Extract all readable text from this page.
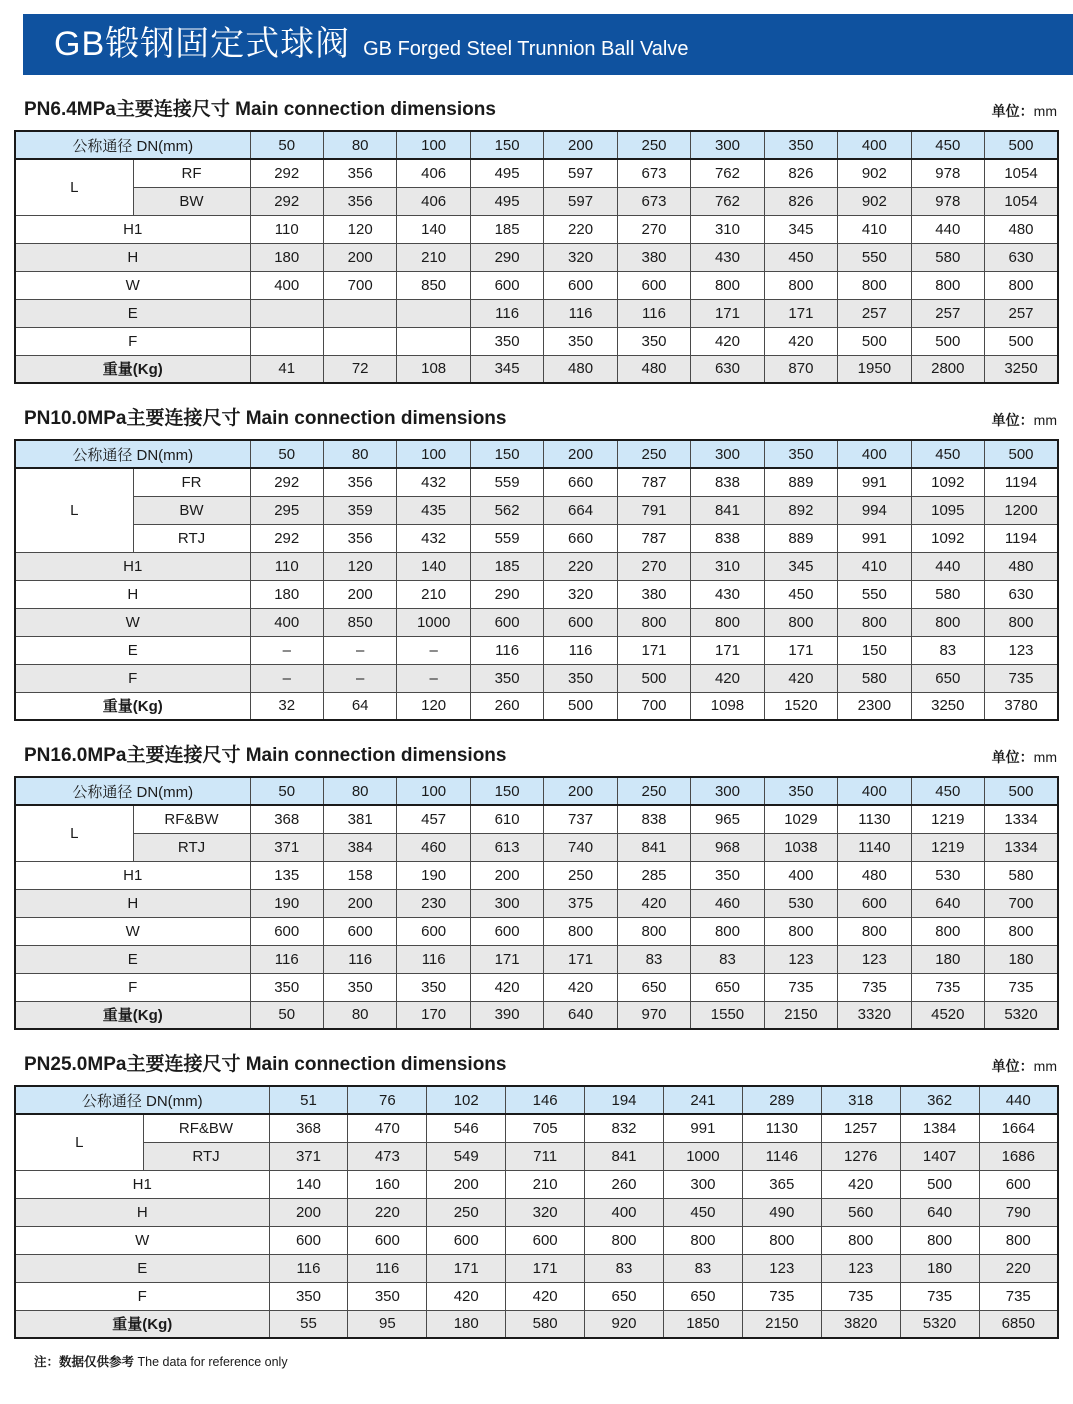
GB锻钢固定式球阀 GB Forged Steel Trunnion Ball Valve
PN6.4MPa主要连接尺寸 Main connection dimensions	单位：mm
公称通径 DN(mm)		50	80	100	150	200	250	300	350	400	450	500
L	RF	292	356	406	495	597	673	762	826	902	978	1054
	BW	292	356	406	495	597	673	762	826	902	978	1054
H1		110	120	140	185	220	270	310	345	410	440	480
H		180	200	210	290	320	380	430	450	550	580	630
W		400	700	850	600	600	600	800	800	800	800	800
E					116	116	116	171	171	257	257	257
F					350	350	350	420	420	500	500	500
重量(Kg)		41	72	108	345	480	480	630	870	1950	2800	3250
PN10.0MPa主要连接尺寸 Main connection dimensions	单位：mm
公称通径 DN(mm)		50	80	100	150	200	250	300	350	400	450	500
L	FR	292	356	432	559	660	787	838	889	991	1092	1194
	BW	295	359	435	562	664	791	841	892	994	1095	1200
	RTJ	292	356	432	559	660	787	838	889	991	1092	1194
H1		110	120	140	185	220	270	310	345	410	440	480
H		180	200	210	290	320	380	430	450	550	580	630
W		400	850	1000	600	600	800	800	800	800	800	800
E		–	–	–	116	116	171	171	171	150	83	123
F		–	–	–	350	350	500	420	420	580	650	735
重量(Kg)		32	64	120	260	500	700	1098	1520	2300	3250	3780
PN16.0MPa主要连接尺寸 Main connection dimensions	单位：mm
公称通径 DN(mm)		50	80	100	150	200	250	300	350	400	450	500
L	RF&BW	368	381	457	610	737	838	965	1029	1130	1219	1334
	RTJ	371	384	460	613	740	841	968	1038	1140	1219	1334
H1		135	158	190	200	250	285	350	400	480	530	580
H		190	200	230	300	375	420	460	530	600	640	700
W		600	600	600	600	800	800	800	800	800	800	800
E		116	116	116	171	171	83	83	123	123	180	180
F		350	350	350	420	420	650	650	735	735	735	735
重量(Kg)		50	80	170	390	640	970	1550	2150	3320	4520	5320
PN25.0MPa主要连接尺寸 Main connection dimensions	单位：mm
公称通径 DN(mm)		51	76	102	146	194	241	289	318	362	440
L	RF&BW	368	470	546	705	832	991	1130	1257	1384	1664
	RTJ	371	473	549	711	841	1000	1146	1276	1407	1686
H1		140	160	200	210	260	300	365	420	500	600
H		200	220	250	320	400	450	490	560	640	790
W		600	600	600	600	800	800	800	800	800	800
E		116	116	171	171	83	83	123	123	180	220
F		350	350	420	420	650	650	735	735	735	735
重量(Kg)		55	95	180	580	920	1850	2150	3820	5320	6850

注：数据仅供参考 The data for reference only
